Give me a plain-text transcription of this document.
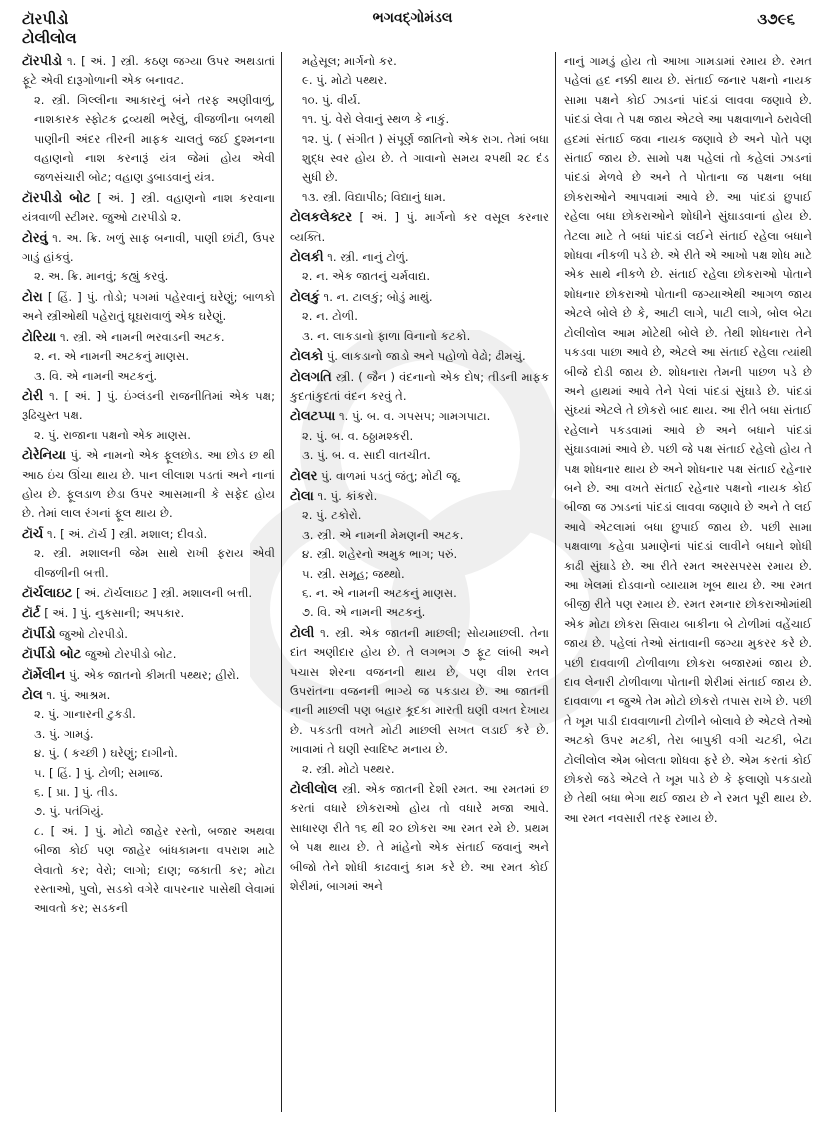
ટૉરપીડો
ટોલીલોલ
ભગવદ્ગોમંડલ	૩૭૯૬

ટૉરપીડો ૧. [ અં. ] સ્ત્રી. કઠણ જગ્યા ઉપર અથડાતાં ફૂટે એવી દારૂગોળાની એક બનાવટ.

૨. સ્ત્રી. ગિલ્લીના આકારનું બંને તરફ અણીવાળું, નાશકારક સ્ફોટક દ્રવ્યથી ભરેલું, વીજળીના બળથી પાણીની અંદર તીરની માફક ચાલતું જઈ દુશ્મનના વહાણનો નાશ કરનારૂં યંત્ર જેમાં હોય એવી જળસંચારી બોટ; વહાણ ડુબાડવાનું યંત્ર.

ટૉરપીડો બોટ [ અં. ] સ્ત્રી. વહાણનો નાશ કરવાના યંત્રવાળી સ્ટીમર. જુઓ ટારપીડો ૨.

ટોરવું ૧. અ. ક્રિ. ખળું સાફ બનાવી, પાણી છાંટી, ઉપર ગાડું હાંકવું.

૨. અ. ક્રિ. માનવું; કહ્યું કરવું.

ટોરા [ હિં. ] પું. તોડો; પગમાં પહેરવાનું ઘરેણું; બાળકો અને સ્ત્રીઓથી પહેરાતું ઘૂઘરાવાળું એક ઘરેણું.

ટોરિયા ૧. સ્ત્રી. એ નામની ભરવાડની અટક.

૨. ન. એ નામની અટકનું માણસ.

૩. વિ. એ નામની અટકનું.

ટોરી ૧. [ અં. ] પું. ઇંગ્લંડની રાજનીતિમાં એક પક્ષ; રૂઢિચુસ્ત પક્ષ.

૨. પું. રાજાના પક્ષનો એક માણસ.

ટોરેનિયા પું. એ નામનો એક ફૂલછોડ. આ છોડ છ થી આઠ ઇંચ ઊંચા થાય છે. પાન લીલાશ પડતાં અને નાનાં હોય છે. ફૂલડાળ છેડા ઉપર આસમાની કે સફેદ હોય છે. તેમાં લાલ રંગનાં ફૂલ થાય છે.

ટૉર્ચ ૧. [ અં. ટૉર્ચ ] સ્ત્રી. મશાલ; દીવડો.

૨. સ્ત્રી. મશાલની જેમ સાથે રાખી ફરાય એવી વીજળીની બત્તી.

ટૉર્ચલાઇટ [ અં. ટૉર્ચલાઇટ ] સ્ત્રી. મશાલની બત્તી.

ટૉર્ટ [ અં. ] પું. નુકસાની; અપકાર.

ટૉર્પીડો જુઓ ટોરપીડો.

ટૉર્પીડો બોટ જુઓ ટોરપીડો બોટ.

ટૉર્મેલીન પું. એક જાતનો કીમતી પથ્થર; હીરો.

ટોલ ૧. પું. આશ્રમ.

૨. પું. ગાનારની ટુકડી.

૩. પું. ગામડું.

૪. પું. ( કચ્છી ) ઘરેણું; દાગીનો.

૫. [ હિં. ] પું. ટોળી; સમાજ.

૬. [ પ્રા. ] પું. તીડ.

૭. પું. પતંગિયું.

૮. [ અં. ] પું. મોટો જાહેર રસ્તો, બજાર અથવા બીજા કોઈ પણ જાહેર બાંધકામના વપરાશ માટે લેવાતો કર; વેરો; લાગો; દાણ; જકાતી કર; મોટા રસ્તાઓ, પુલો, સડકો વગેરે વાપરનાર પાસેથી લેવામાં આવતો કર; સડકની

મહેસૂલ; માર્ગનો કર.

૯. પું. મોટો પથ્થર.

૧૦. પું. વીર્ય.

૧૧. પું. વેરો લેવાનું સ્થળ કે નાકું.

૧૨. પું. ( સંગીત ) સંપૂર્ણ જાતિનો એક રાગ. તેમાં બધા શુદ્ધ સ્વર હોય છે. તે ગાવાનો સમય ૨૫થી ૨૮ દંડ સુધી છે.

૧૩. સ્ત્રી. વિદ્યાપીઠ; વિદ્યાનું ધામ.

ટોલકલેક્ટર [ અં. ] પું. માર્ગનો કર વસૂલ કરનાર વ્યક્તિ.

ટોલકી ૧. સ્ત્રી. નાનું ટોળું.

૨. ન. એક જાતનું ચર્મવાદ્ય.

ટોલકું ૧. ન. ટાલકું; બોડું માથું.

૨. ન. ટોળી.

૩. ન. લાકડાનો ફાળા વિનાનો કટકો.

ટોલકો પું. લાકડાનો જાડો અને પહોળો વેઢો; ઢીમચું.

ટોલગતિ સ્ત્રી. ( જૈન ) વંદનાનો એક દોષ; તીડની માફક કુદતાંકુદતાં વંદન કરવું તે.

ટોલટપ્પા ૧. પું. બ. વ. ગપસપ; ગામગપાટા.

૨. પું. બ. વ. ઠઠ્ઠામશ્કરી.

૩. પું. બ. વ. સાદી વાતચીત.

ટોલર પું. વાળમાં પડતું જંતુ; મોટી જૂ.

ટોલા ૧. પું. કાંકરો.

૨. પું. ટકોરો.

૩. સ્ત્રી. એ નામની મેમણની અટક.

૪. સ્ત્રી. શહેરનો અમુક ભાગ; પરું.

૫. સ્ત્રી. સમૂહ; જથ્થો.

૬. ન. એ નામની અટકનું માણસ.

૭. વિ. એ નામની અટકનું.

ટોલી ૧. સ્ત્રી. એક જાતની માછલી; સોયમાછલી. તેના દાંત અણીદાર હોય છે. તે લગભગ ૭ ફૂટ લાંબી અને પચાસ શેરના વજનની થાય છે, પણ વીશ રતલ ઉપરાંતના વજનની ભાગ્યે જ પકડાય છે. આ જાતની નાની માછલી પણ બહાર કૂદકા મારતી ઘણી વખત દેખાય છે. પકડતી વખતે મોટી માછલી સખત લડાઈ કરે છે. ખાવામાં તે ઘણી સ્વાદિષ્ટ મનાય છે.

૨. સ્ત્રી. મોટો પથ્થર.

ટોલીલોલ સ્ત્રી. એક જાતની દેશી રમત. આ રમતમાં છ કરતાં વધારે છોકરાઓ હોય તો વધારે મજા આવે. સાધારણ રીતે ૧૬ થી ૨૦ છોકરા આ રમત રમે છે. પ્રથમ બે પક્ષ થાય છે. તે માંહેનો એક સંતાઈ જવાનું અને બીજો તેને શોધી કાઢવાનું કામ કરે છે. આ રમત કોઈ શેરીમાં, બાગમાં અને

નાનું ગામડું હોય તો આખા ગામડામાં રમાય છે. રમત પહેલાં હદ નક્કી થાય છે. સંતાઈ જનાર પક્ષનો નાયક સામા પક્ષને કોઈ ઝાડનાં પાંદડાં લાવવા જણાવે છે. પાંદડાં લેવા તે પક્ષ જાય એટલે આ પક્ષવાળાને ઠરાવેલી હદમાં સંતાઈ જવા નાયક જણાવે છે અને પોતે પણ સંતાઈ જાય છે. સામો પક્ષ પહેલાં તો કહેલાં ઝાડનાં પાંદડાં મેળવે છે અને તે પોતાના જ પક્ષના બધા છોકરાઓને આપવામાં આવે છે. આ પાંદડાં છુપાઈ રહેલા બધા છોકરાઓને શોધીને સુંઘાડવાનાં હોય છે. તેટલા માટે તે બધાં પાંદડાં લઈને સંતાઈ રહેલા બધાને શોધવા નીકળી પડે છે. એ રીતે એ આખો પક્ષ શોધ માટે એક સાથે નીકળે છે. સંતાઈ રહેલા છોકરાઓ પોતાને શોધનાર છોકરાઓ પોતાની જગ્યાએથી આગળ જાય એટલે બોલે છે કે, આટી લાગે, પાટી લાગે, બોલ બેટા ટોલીલોલ આમ મોટેથી બોલે છે. તેથી શોધનારા તેને પકડવા પાછા આવે છે, એટલે આ સંતાઈ રહેલા ત્યાંથી બીજે દોડી જાય છે. શોધનારા તેમની પાછળ પડે છે અને હાથમાં આવે તેને પેલાં પાંદડાં સુંઘાડે છે. પાંદડાં સુંઘ્યાં એટલે તે છોકરો બાદ થાય. આ રીતે બધા સંતાઈ રહેલાને પકડવામાં આવે છે અને બધાને પાંદડાં સુંઘાડવામાં આવે છે. પછી જે પક્ષ સંતાઈ રહેલો હોય તે પક્ષ શોધનાર થાય છે અને શોધનાર પક્ષ સંતાઈ રહેનાર બને છે. આ વખતે સંતાઈ રહેનાર પક્ષનો નાયક કોઈ બીજા જ ઝાડનાં પાંદડાં લાવવા જણાવે છે અને તે લઈ આવે એટલામાં બધા છુપાઈ જાય છે. પછી સામા પક્ષવાળા કહેવા પ્રમાણેનાં પાંદડાં લાવીને બધાને શોધી કાઢી સુંઘાડે છે. આ રીતે રમત અરસપરસ રમાય છે. આ ખેલમાં દોડવાનો વ્યાયામ ખૂબ થાય છે. આ રમત બીજી રીતે પણ રમાય છે. રમત રમનાર છોકરાઓમાંથી એક મોટા છોકરા સિવાય બાકીના બે ટોળીમાં વહેંચાઈ જાય છે. પહેલાં તેઓ સંતાવાની જગ્યા મુકરર કરે છે. પછી દાવવાળી ટોળીવાળા છોકરા બજારમાં જાય છે. દાવ લેનારી ટોળીવાળા પોતાની શેરીમાં સંતાઈ જાય છે. દાવવાળા ન જુએ તેમ મોટો છોકરો તપાસ રાખે છે. પછી તે ખૂમ પાડી દાવવાળાની ટોળીને બોલાવે છે એટલે તેઓ અટકો ઉપર મટકી, તેરા બાપુકી વગી ચટકી, બેટા ટોલીલોલ એમ બોલતા શોધવા ફરે છે. એમ કરતાં કોઈ છોકરો જડે એટલે તે ખૂમ પાડે છે કે ફલાણો પકડાયો છે તેથી બધા ભેગા થઈ જાય છે ને રમત પૂરી થાય છે. આ રમત નવસારી તરફ રમાય છે.
